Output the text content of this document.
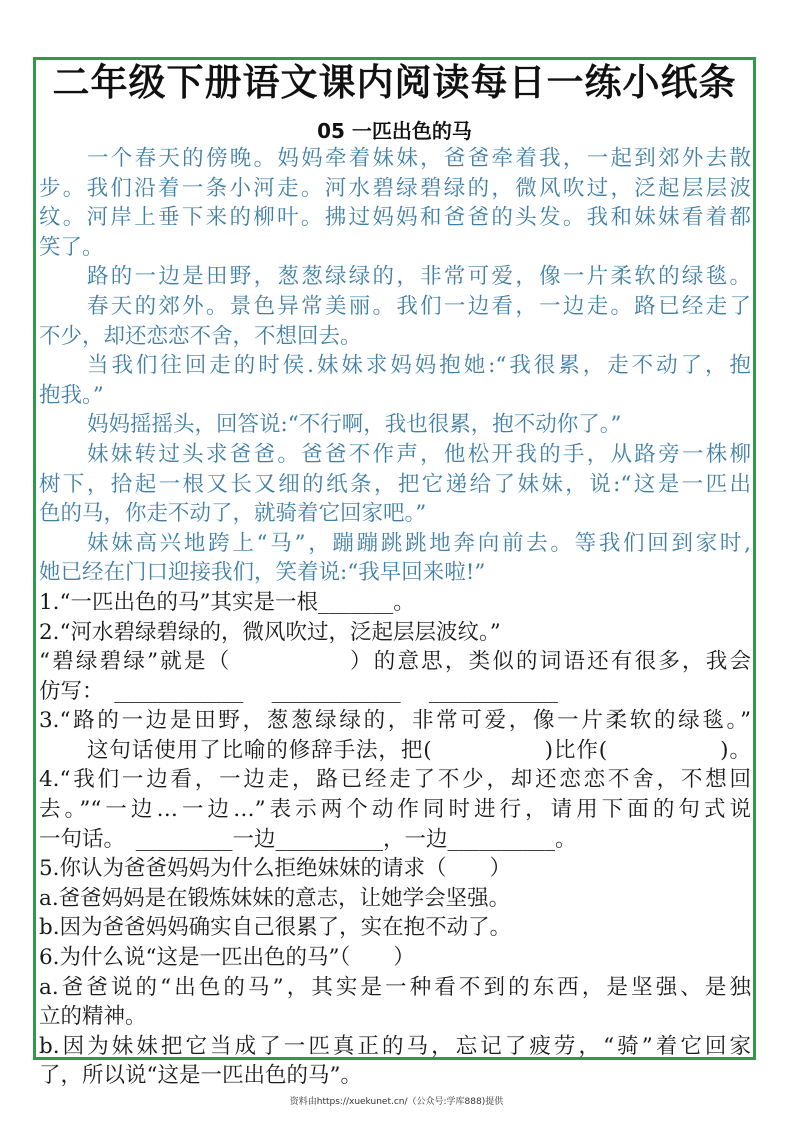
二年级下册语文课内阅读每日一练小纸条
05 一匹出色的马
一个春天的傍晚。妈妈牵着妹妹，爸爸牵着我，一起到郊外去散
步。我们沿着一条小河走。河水碧绿碧绿的，微风吹过，泛起层层波
纹。河岸上垂下来的柳叶。拂过妈妈和爸爸的头发。我和妹妹看着都
笑了。
路的一边是田野，葱葱绿绿的，非常可爱，像一片柔软的绿毯。
春天的郊外。景色异常美丽。我们一边看，一边走。路已经走了
不少，却还恋恋不舍，不想回去。
当我们往回走的时侯.妹妹求妈妈抱她:“我很累，走不动了，抱
抱我。”
妈妈摇摇头，回答说:“不行啊，我也很累，抱不动你了。”
妹妹转过头求爸爸。爸爸不作声，他松开我的手，从路旁一株柳
树下，拾起一根又长又细的纸条，把它递给了妹妹，说:“这是一匹出
色的马，你走不动了，就骑着它回家吧。”
妹妹高兴地跨上“马”，蹦蹦跳跳地奔向前去。等我们回到家时,
她已经在门口迎接我们，笑着说:“我早回来啦!”
1.“一匹出色的马”其实是一根_______。
2.“河水碧绿碧绿的，微风吹过，泛起层层波纹。”
“碧绿碧绿”就是（　　　　　）的意思，类似的词语还有很多，我会
仿写：　____________　 ____________　 ____________
3.“路的一边是田野，葱葱绿绿的，非常可爱，像一片柔软的绿毯。”
这句话使用了比喻的修辞手法，把(　　　　　)比作(　　　　　)。
4.“我们一边看，一边走，路已经走了不少，却还恋恋不舍，不想回
去。”“一边…一边…”表示两个动作同时进行，请用下面的句式说
一句话。　_________一边__________，一边__________。
5.你认为爸爸妈妈为什么拒绝妹妹的请求（　　）
a.爸爸妈妈是在锻炼妹妹的意志，让她学会坚强。
b.因为爸爸妈妈确实自己很累了，实在抱不动了。
6.为什么说“这是一匹出色的马”（　　）
a.爸爸说的“出色的马”，其实是一种看不到的东西，是坚强、是独
立的精神。
b.因为妹妹把它当成了一匹真正的马，忘记了疲劳，“骑”着它回家
了，所以说“这是一匹出色的马”。
资料由https://xuekunet.cn/（公众号:学库888)提供
